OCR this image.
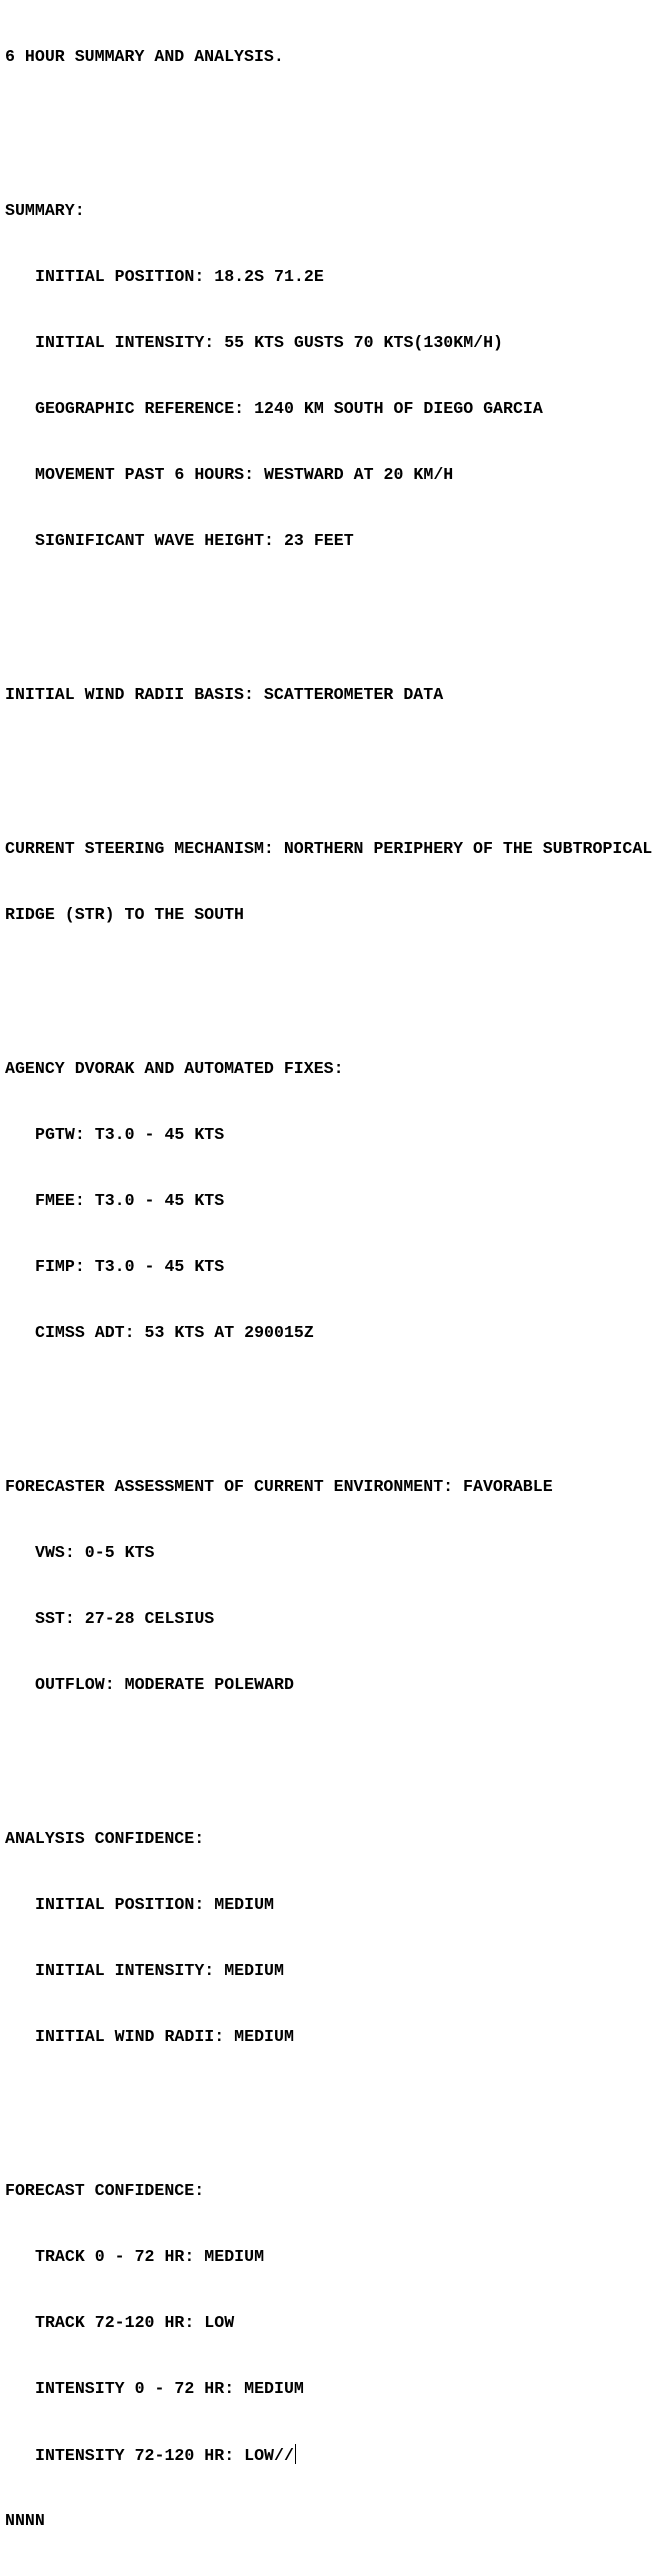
6 HOUR SUMMARY AND ANALYSIS.

SUMMARY:

INITIAL POSITION: 18.2S 71.2E

INITIAL INTENSITY: 55 KTS GUSTS 70 KTS(130KM/H)

GEOGRAPHIC REFERENCE: 1240 KM SOUTH OF DIEGO GARCIA

MOVEMENT PAST 6 HOURS: WESTWARD AT 20 KM/H

SIGNIFICANT WAVE HEIGHT: 23 FEET

INITIAL WIND RADII BASIS: SCATTEROMETER DATA

CURRENT STEERING MECHANISM: NORTHERN PERIPHERY OF THE SUBTROPICAL

RIDGE (STR) TO THE SOUTH

AGENCY DVORAK AND AUTOMATED FIXES:

PGTW: T3.0 - 45 KTS

FMEE: T3.0 - 45 KTS

FIMP: T3.0 - 45 KTS

CIMSS ADT: 53 KTS AT 290015Z

FORECASTER ASSESSMENT OF CURRENT ENVIRONMENT: FAVORABLE

VWS: 0-5 KTS

SST: 27-28 CELSIUS

OUTFLOW: MODERATE POLEWARD

ANALYSIS CONFIDENCE:

INITIAL POSITION: MEDIUM

INITIAL INTENSITY: MEDIUM

INITIAL WIND RADII: MEDIUM

FORECAST CONFIDENCE:

TRACK 0 - 72 HR: MEDIUM

TRACK 72-120 HR: LOW

INTENSITY 0 - 72 HR: MEDIUM

INTENSITY 72-120 HR: LOW//

NNNN
